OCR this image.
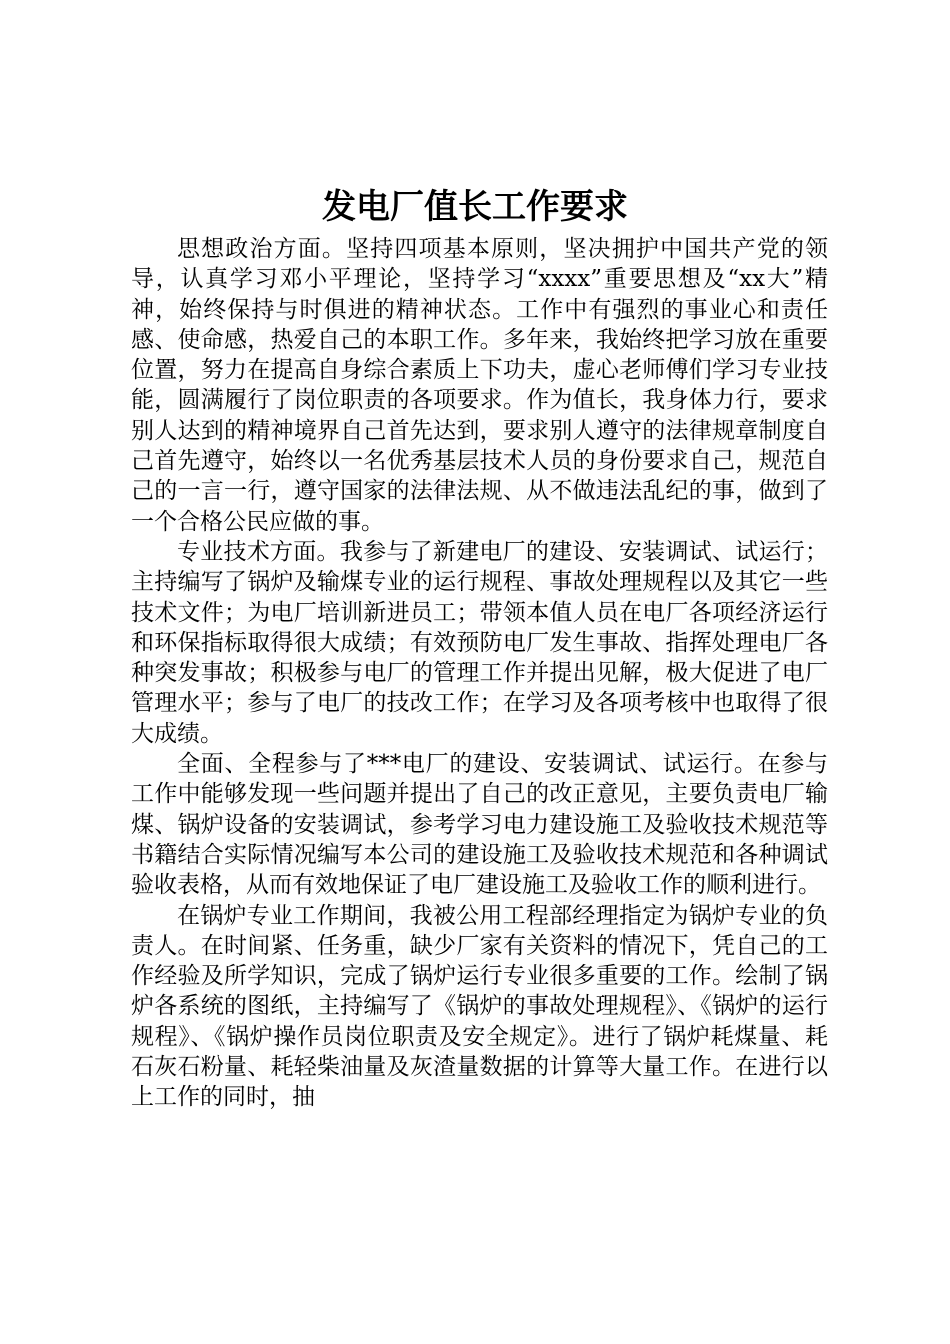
发电厂值长工作要求

思想政治方面。坚持四项基本原则，坚决拥护中国共产党的领导，认真学习邓小平理论，坚持学习“xxxx”重要思想及“xx大”精神，始终保持与时俱进的精神状态。工作中有强烈的事业心和责任感、使命感，热爱自己的本职工作。多年来，我始终把学习放在重要位置，努力在提高自身综合素质上下功夫，虚心老师傅们学习专业技能，圆满履行了岗位职责的各项要求。作为值长，我身体力行，要求别人达到的精神境界自己首先达到，要求别人遵守的法律规章制度自己首先遵守，始终以一名优秀基层技术人员的身份要求自己，规范自己的一言一行，遵守国家的法律法规、从不做违法乱纪的事，做到了一个合格公民应做的事。

专业技术方面。我参与了新建电厂的建设、安装调试、试运行；主持编写了锅炉及输煤专业的运行规程、事故处理规程以及其它一些技术文件；为电厂培训新进员工；带领本值人员在电厂各项经济运行和环保指标取得很大成绩；有效预防电厂发生事故、指挥处理电厂各种突发事故；积极参与电厂的管理工作并提出见解，极大促进了电厂管理水平；参与了电厂的技改工作；在学习及各项考核中也取得了很大成绩。

全面、全程参与了***电厂的建设、安装调试、试运行。在参与工作中能够发现一些问题并提出了自己的改正意见，主要负责电厂输煤、锅炉设备的安装调试，参考学习电力建设施工及验收技术规范等书籍结合实际情况编写本公司的建设施工及验收技术规范和各种调试验收表格，从而有效地保证了电厂建设施工及验收工作的顺利进行。

在锅炉专业工作期间，我被公用工程部经理指定为锅炉专业的负责人。在时间紧、任务重，缺少厂家有关资料的情况下，凭自己的工作经验及所学知识，完成了锅炉运行专业很多重要的工作。绘制了锅炉各系统的图纸，主持编写了《锅炉的事故处理规程》、《锅炉的运行规程》、《锅炉操作员岗位职责及安全规定》。进行了锅炉耗煤量、耗石灰石粉量、耗轻柴油量及灰渣量数据的计算等大量工作。在进行以上工作的同时，抽
